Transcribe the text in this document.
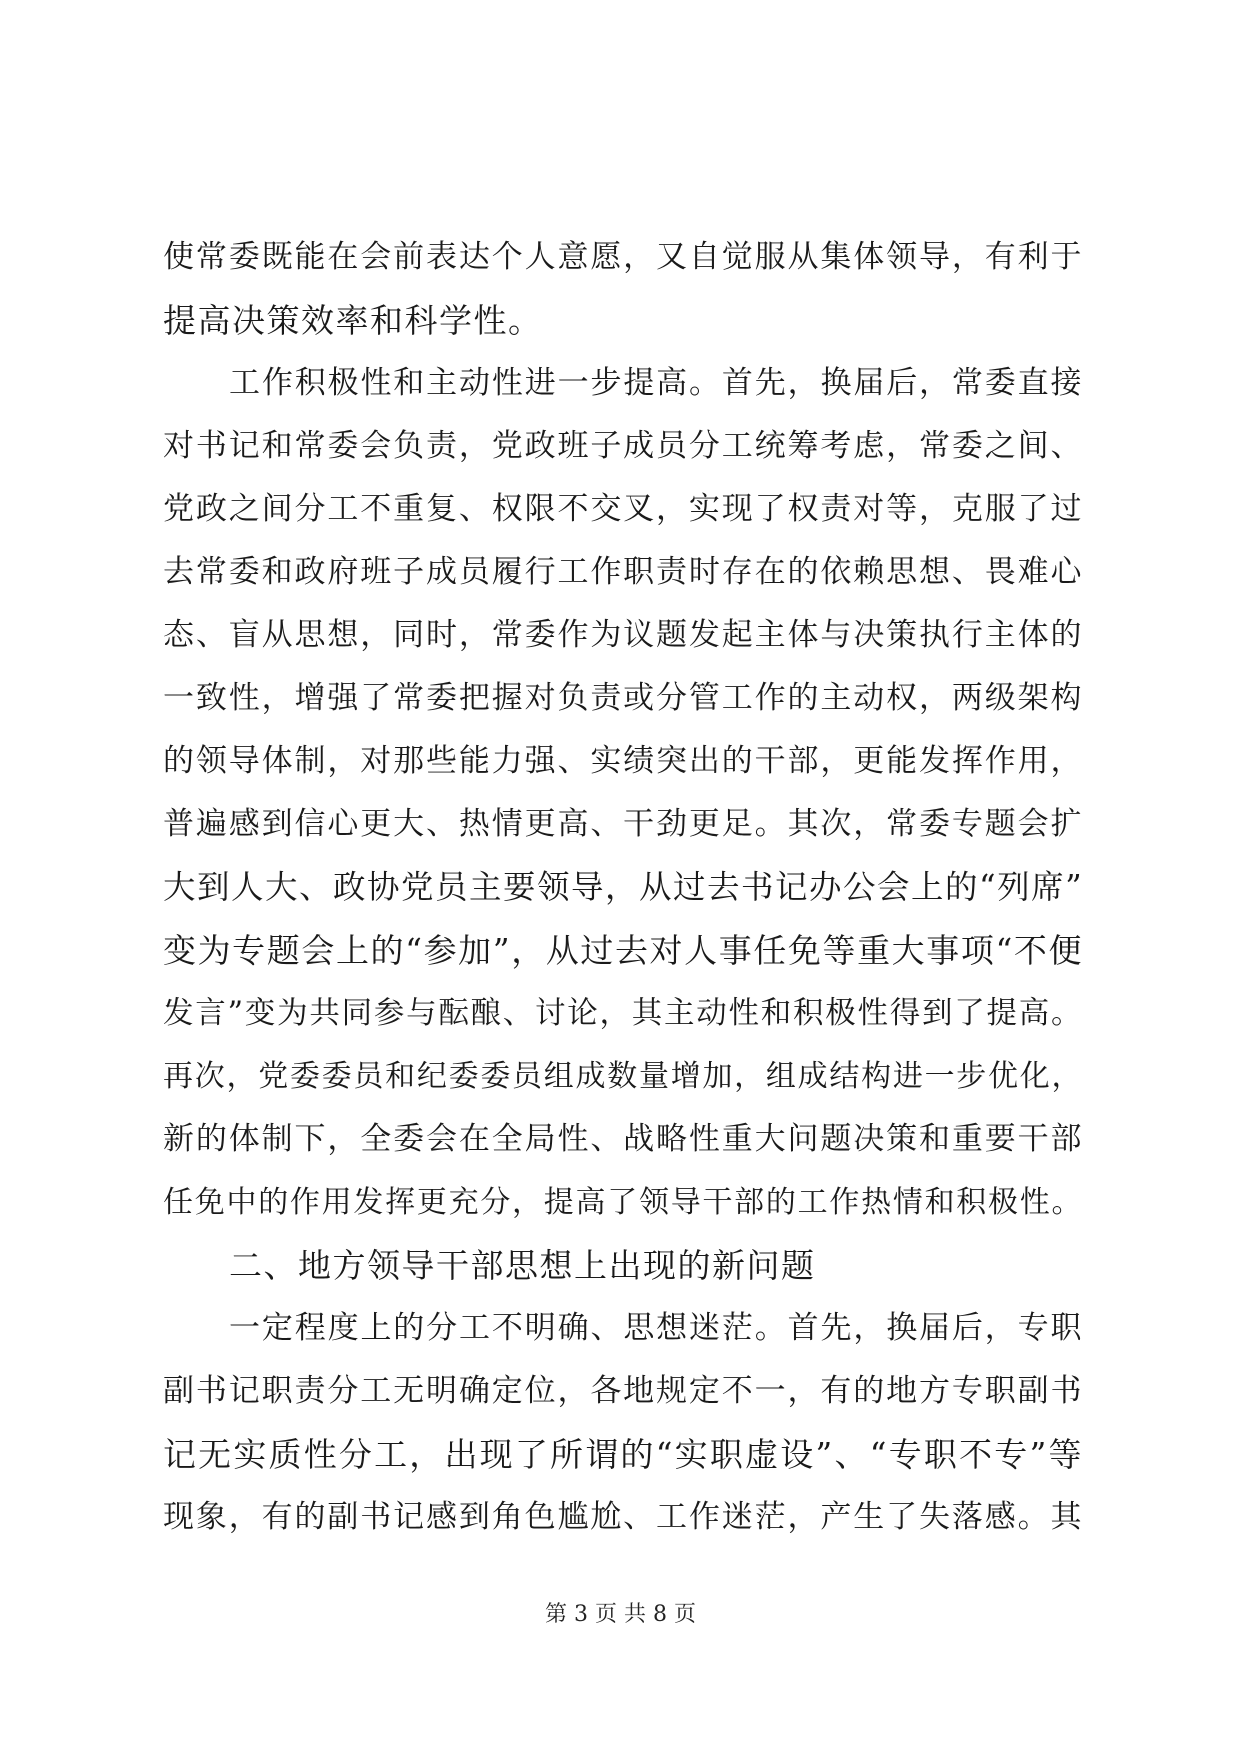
使常委既能在会前表达个人意愿，又自觉服从集体领导，有利于
提高决策效率和科学性。
工作积极性和主动性进一步提高。首先，换届后，常委直接
对书记和常委会负责，党政班子成员分工统筹考虑，常委之间、
党政之间分工不重复、权限不交叉，实现了权责对等，克服了过
去常委和政府班子成员履行工作职责时存在的依赖思想、畏难心
态、盲从思想，同时，常委作为议题发起主体与决策执行主体的
一致性，增强了常委把握对负责或分管工作的主动权，两级架构
的领导体制，对那些能力强、实绩突出的干部，更能发挥作用，
普遍感到信心更大、热情更高、干劲更足。其次，常委专题会扩
大到人大、政协党员主要领导，从过去书记办公会上的“列席”
变为专题会上的“参加”，从过去对人事任免等重大事项“不便
发言”变为共同参与酝酿、讨论，其主动性和积极性得到了提高。
再次，党委委员和纪委委员组成数量增加，组成结构进一步优化，
新的体制下，全委会在全局性、战略性重大问题决策和重要干部
任免中的作用发挥更充分，提高了领导干部的工作热情和积极性。
二、地方领导干部思想上出现的新问题
一定程度上的分工不明确、思想迷茫。首先，换届后，专职
副书记职责分工无明确定位，各地规定不一，有的地方专职副书
记无实质性分工，出现了所谓的“实职虚设”、“专职不专”等
现象，有的副书记感到角色尴尬、工作迷茫，产生了失落感。其
第 3 页 共 8 页
